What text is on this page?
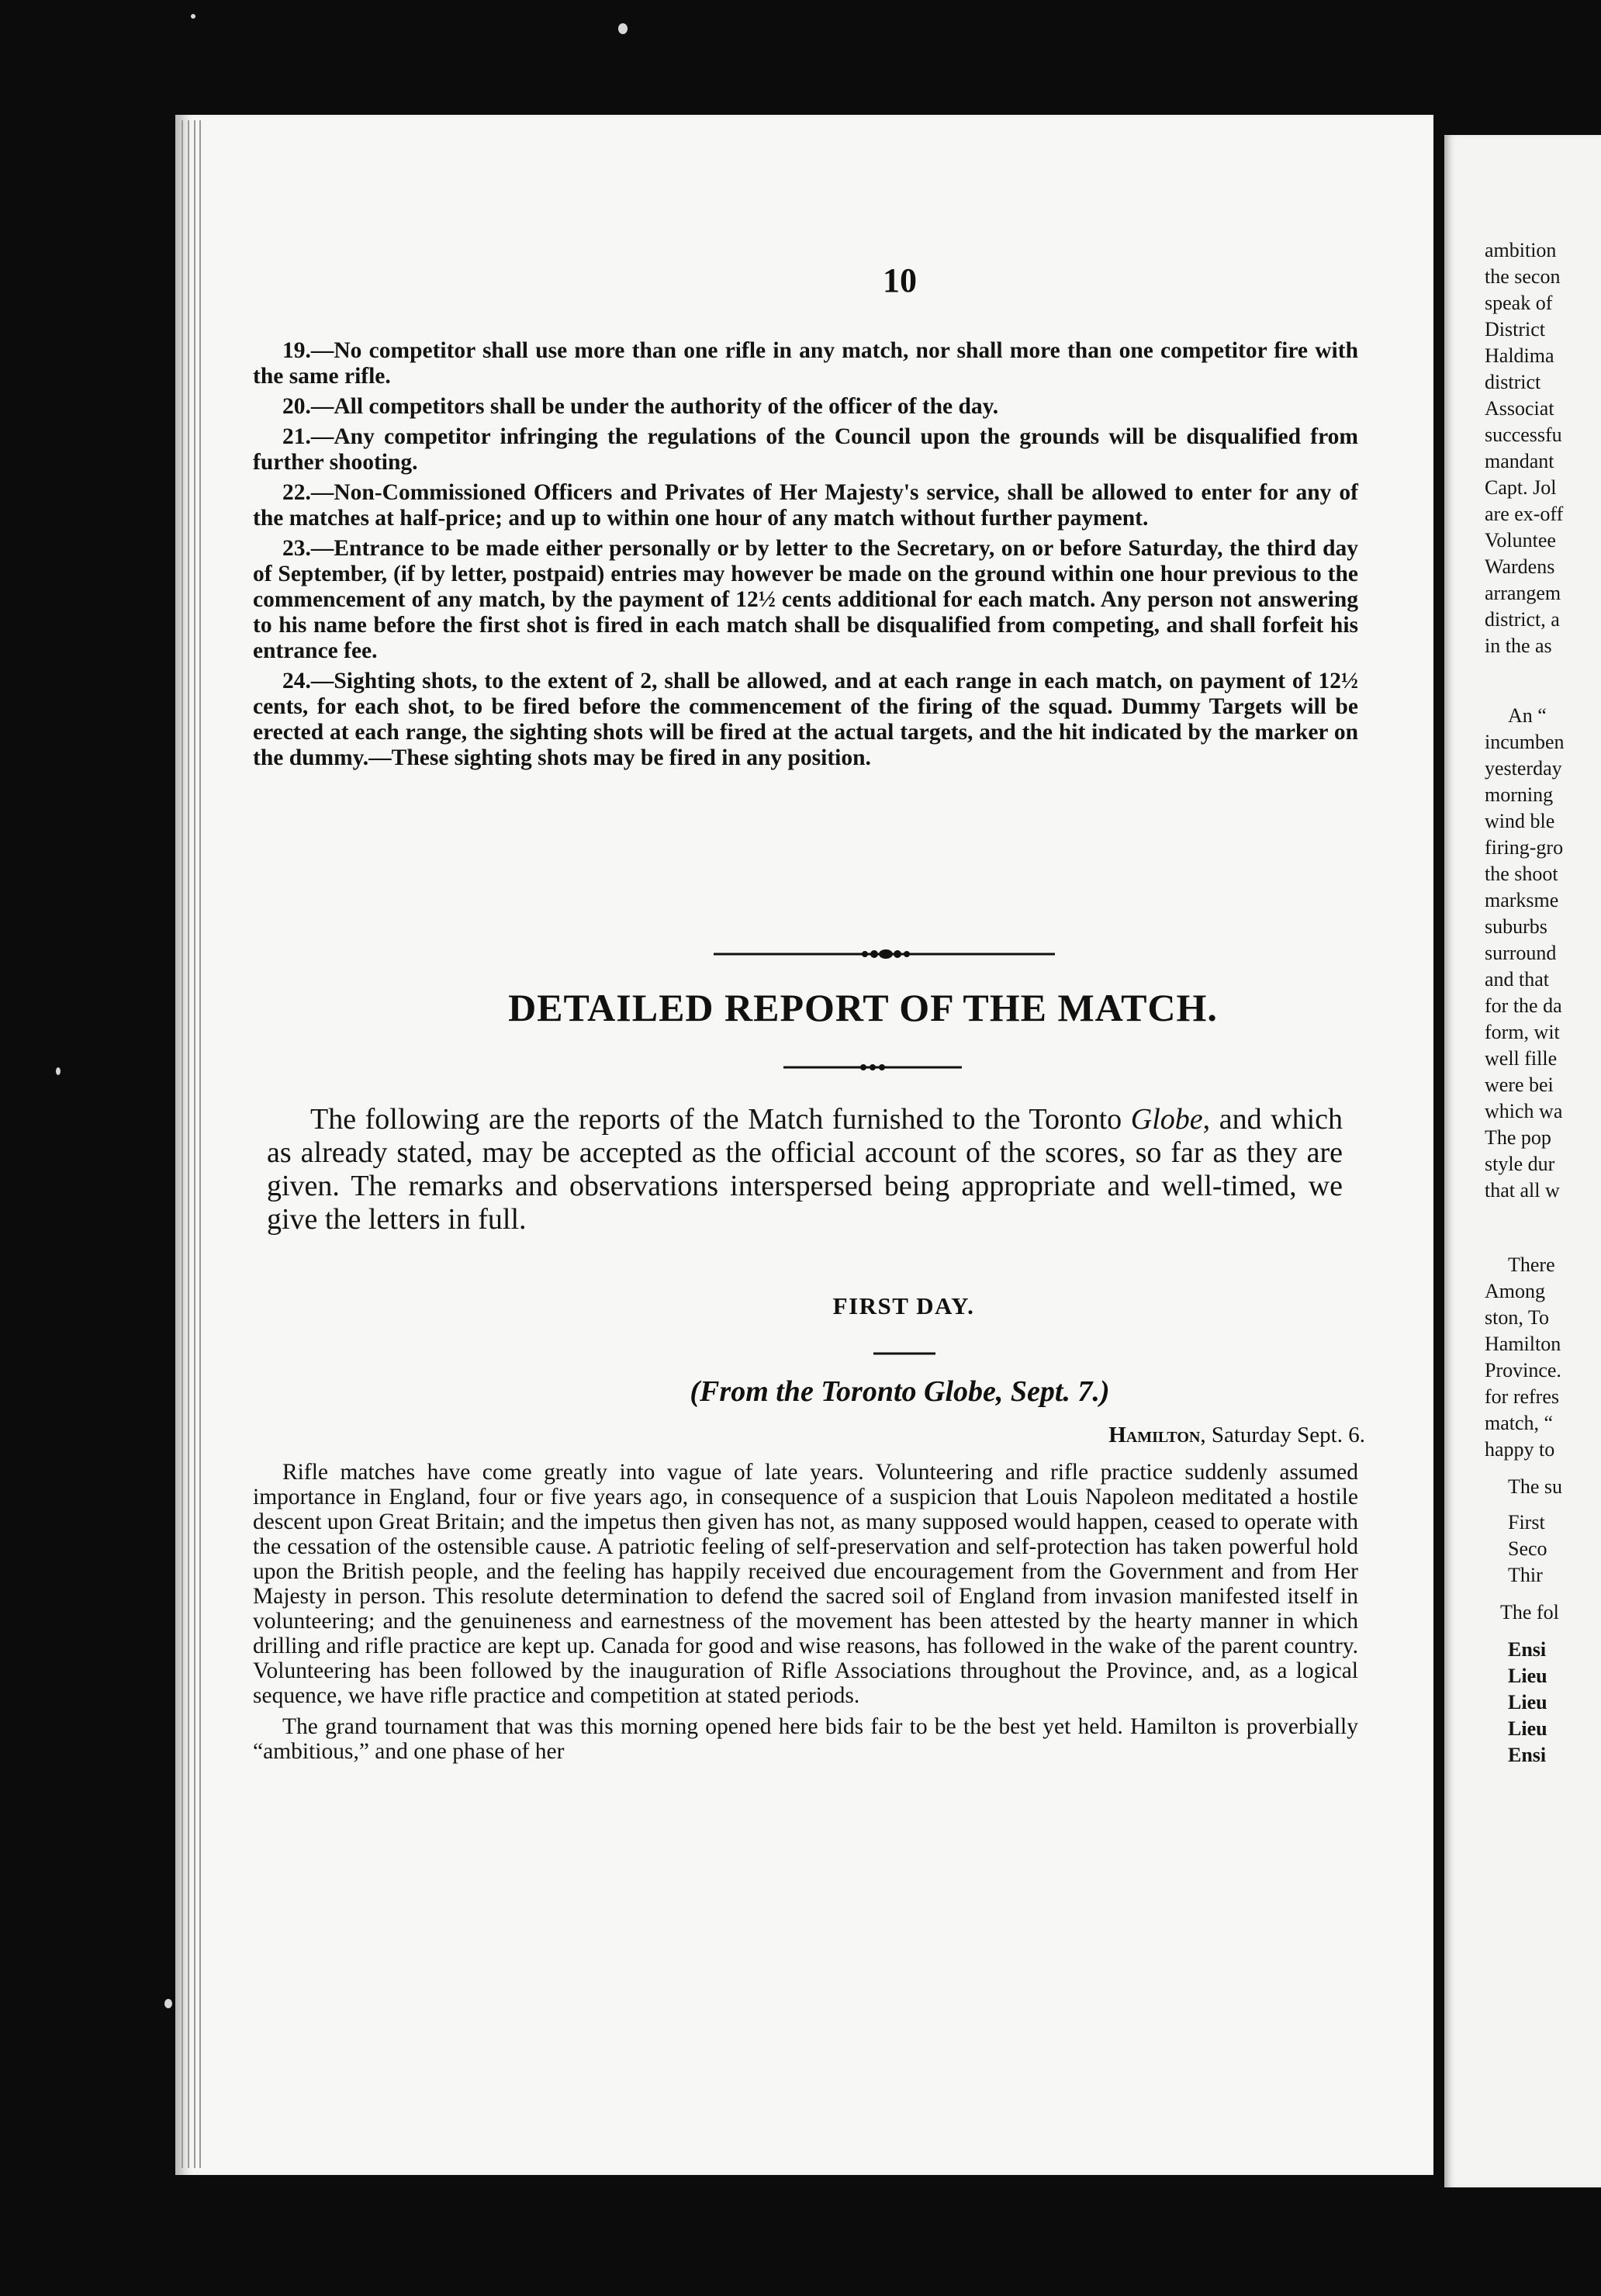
10

19.—No competitor shall use more than one rifle in any match, nor shall more than one competitor fire with the same rifle.

20.—All competitors shall be under the authority of the officer of the day.

21.—Any competitor infringing the regulations of the Council upon the grounds will be disqualified from further shooting.

22.—Non-Commissioned Officers and Privates of Her Majesty's service, shall be allowed to enter for any of the matches at half-price; and up to within one hour of any match without further payment.

23.—Entrance to be made either personally or by letter to the Secretary, on or before Saturday, the third day of September, (if by letter, postpaid) entries may however be made on the ground within one hour previous to the commencement of any match, by the payment of 12½ cents additional for each match. Any person not answering to his name before the first shot is fired in each match shall be disqualified from competing, and shall forfeit his entrance fee.

24.—Sighting shots, to the extent of 2, shall be allowed, and at each range in each match, on payment of 12½ cents, for each shot, to be fired before the commencement of the firing of the squad. Dummy Targets will be erected at each range, the sighting shots will be fired at the actual targets, and the hit indicated by the marker on the dummy.—These sighting shots may be fired in any position.

DETAILED REPORT OF THE MATCH.

The following are the reports of the Match furnished to the Toronto Globe, and which as already stated, may be accepted as the official account of the scores, so far as they are given. The remarks and observations interspersed being appropriate and well-timed, we give the letters in full.

FIRST DAY.
(From the Toronto Globe, Sept. 7.)
Hamilton, Saturday Sept. 6.

Rifle matches have come greatly into vague of late years. Volunteering and rifle practice suddenly assumed importance in England, four or five years ago, in consequence of a suspicion that Louis Napoleon meditated a hostile descent upon Great Britain; and the impetus then given has not, as many supposed would happen, ceased to operate with the cessation of the ostensible cause. A patriotic feeling of self-preservation and self-protection has taken powerful hold upon the British people, and the feeling has happily received due encouragement from the Government and from Her Majesty in person. This resolute determination to defend the sacred soil of England from invasion manifested itself in volunteering; and the genuineness and earnestness of the movement has been attested by the hearty manner in which drilling and rifle practice are kept up. Canada for good and wise reasons, has followed in the wake of the parent country. Volunteering has been followed by the inauguration of Rifle Associations throughout the Province, and, as a logical sequence, we have rifle practice and competition at stated periods.

The grand tournament that was this morning opened here bids fair to be the best yet held. Hamilton is proverbially “ambitious,” and one phase of her

ambition
the secon
speak of
District
Haldima
district
Associat
successfu
mandant
Capt. Jol
are ex-off
Voluntee
Wardens
arrangem
district, a
in the as
An “
incumben
yesterday
morning
wind ble
firing-gro
the shoot
marksme
suburbs
surround
and that
for the da
form, wit
well fille
were bei
which wa
The pop
style dur
that all w
There
Among
ston, To
Hamilton
Province.
for refres
match, “
happy to
The su
First
Seco
Thir
The fol
Ensi
Lieu
Lieu
Lieu
Ensi
